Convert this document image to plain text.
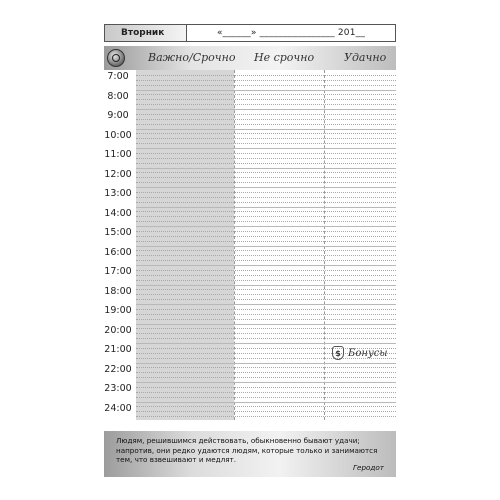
Вторник	«______» ________________ 201__
Важно/Срочно Не срочно	Удачно
7:00
8:00
9:00
10:00
11:00
12:00
13:00
14:00
15:00
16:00
17:00
18:00
19:00
20:00
21:00
22:00
23:00
24:00
$ Бонусы
Людям, решившимся действовать, обыкновенно бывают удачи; напротив, они редко удаются людям, которые только и занимаются тем, что взвешивают и медлят.
Геродот
